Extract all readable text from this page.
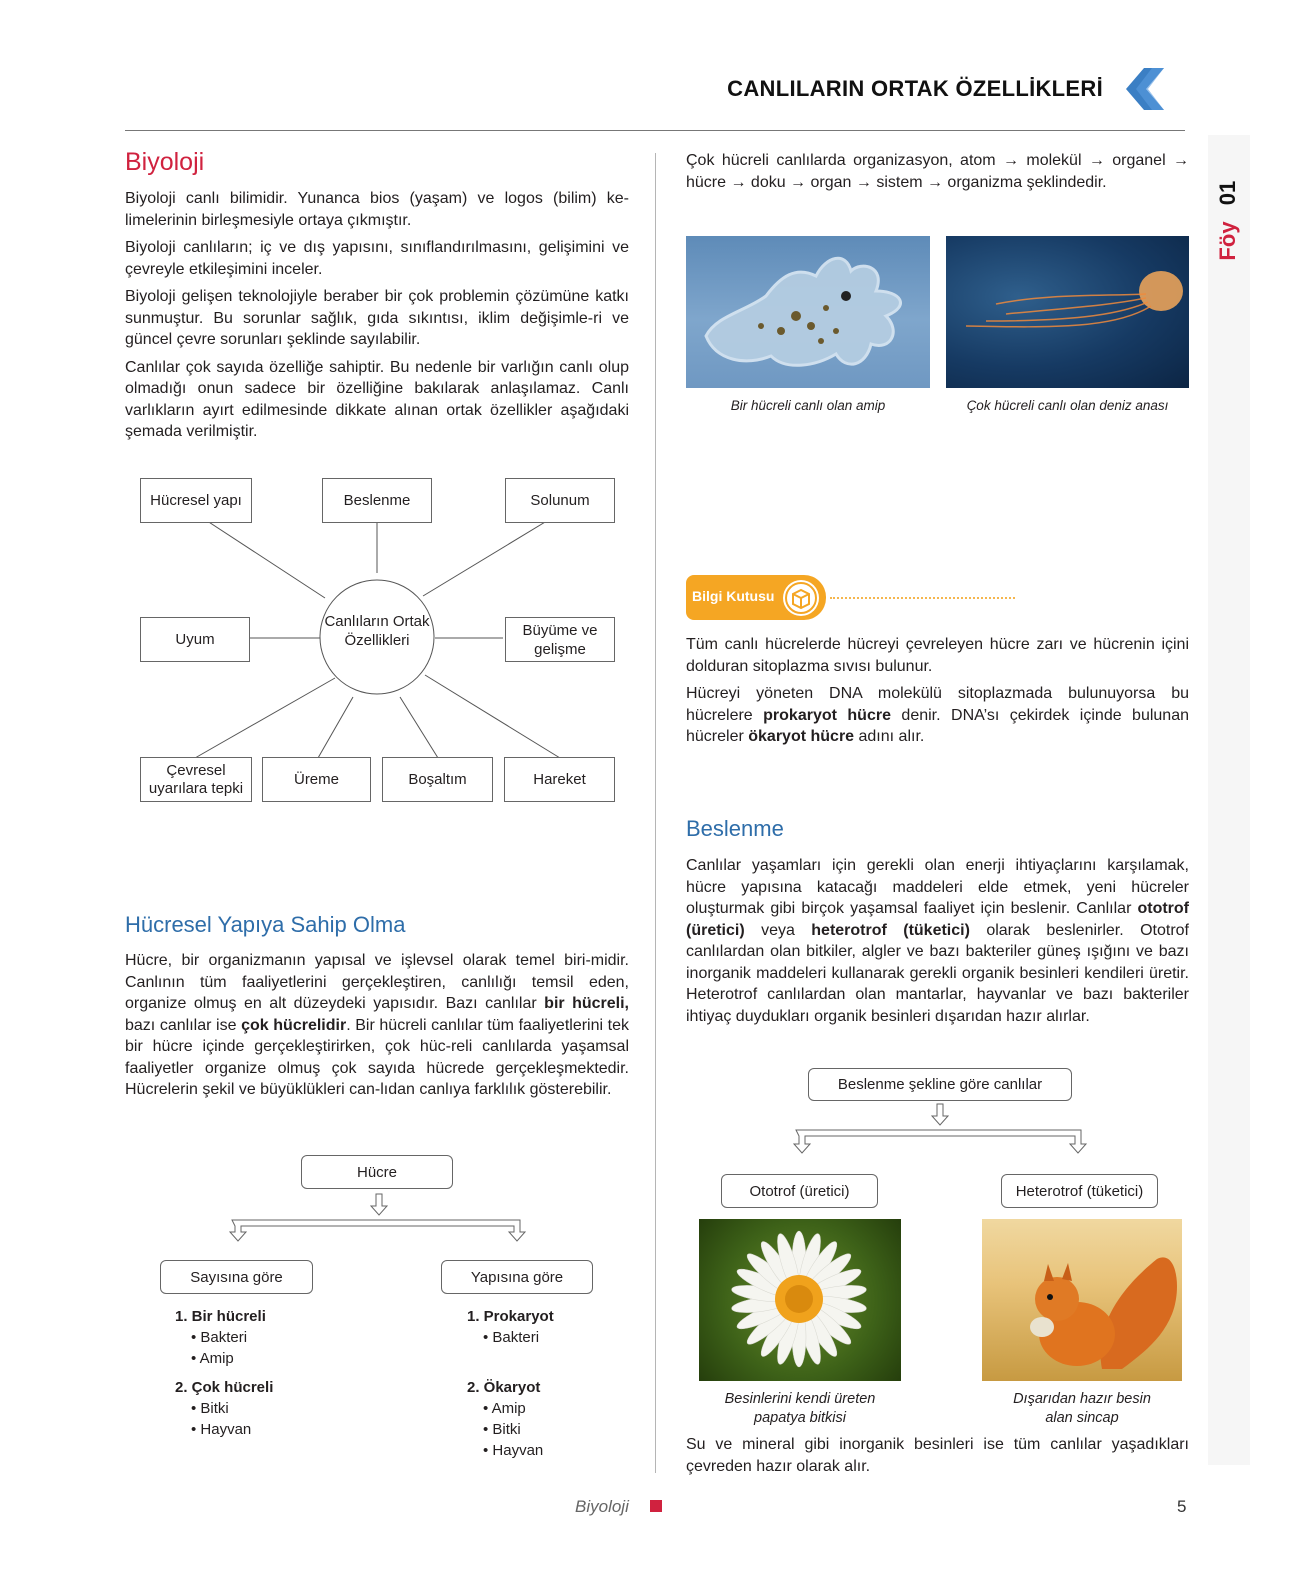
CANLILARIN ORTAK ÖZELLİKLERİ
01
Föy
Biyoloji

Biyoloji canlı bilimidir. Yunanca bios (yaşam) ve logos (bilim) ke-limelerinin birleşmesiyle ortaya çıkmıştır.

Biyoloji canlıların; iç ve dış yapısını, sınıflandırılmasını, gelişimini ve çevreyle etkileşimini inceler.

Biyoloji gelişen teknolojiyle beraber bir çok problemin çözümüne katkı sunmuştur. Bu sorunlar sağlık, gıda sıkıntısı, iklim değişimle-ri ve güncel çevre sorunları şeklinde sayılabilir.

Canlılar çok sayıda özelliğe sahiptir. Bu nedenle bir varlığın canlı olup olmadığı onun sadece bir özelliğine bakılarak anlaşılamaz. Canlı varlıkların ayırt edilmesinde dikkate alınan ortak özellikler aşağıdaki şemada verilmiştir.

Canlıların Ortak Özellikleri
Hücresel yapı	Beslenme	Solunum
Uyum
Büyüme ve gelişme
Çevresel uyarılara tepki	Üreme	Boşaltım	Hareket
Hücresel Yapıya Sahip Olma

Hücre, bir organizmanın yapısal ve işlevsel olarak temel biri-midir. Canlının tüm faaliyetlerini gerçekleştiren, canlılığı temsil eden, organize olmuş en alt düzeydeki yapısıdır. Bazı canlılar bir hücreli, bazı canlılar ise çok hücrelidir. Bir hücreli canlılar tüm faaliyetlerini tek bir hücre içinde gerçekleştirirken, çok hüc-reli canlılarda yaşamsal faaliyetler organize olmuş çok sayıda hücrede gerçekleşmektedir. Hücrelerin şekil ve büyüklükleri can-lıdan canlıya farklılık gösterebilir.

Hücre
Sayısına göre	Yapısına göre
1. Bir hücreli
• Bakteri
• Amip
2. Çok hücreli
• Bitki
• Hayvan
1. Prokaryot
• Bakteri
2. Ökaryot
• Amip
• Bitki
• Hayvan

Çok hücreli canlılarda organizasyon, atom → molekül → organel → hücre → doku → organ → sistem → organizma şeklindedir.

Bir hücreli canlı olan amip	Çok hücreli canlı olan deniz anası
Bilgi Kutusu

Tüm canlı hücrelerde hücreyi çevreleyen hücre zarı ve hücrenin içini dolduran sitoplazma sıvısı bulunur.

Hücreyi yöneten DNA molekülü sitoplazmada bulunuyorsa bu hücrelere prokaryot hücre denir. DNA’sı çekirdek içinde bulunan hücreler ökaryot hücre adını alır.

Beslenme

Canlılar yaşamları için gerekli olan enerji ihtiyaçlarını karşılamak, hücre yapısına katacağı maddeleri elde etmek, yeni hücreler oluşturmak gibi birçok yaşamsal faaliyet için beslenir. Canlılar ototrof (üretici) veya heterotrof (tüketici) olarak beslenirler. Ototrof canlılardan olan bitkiler, algler ve bazı bakteriler güneş ışığını ve bazı inorganik maddeleri kullanarak gerekli organik besinleri kendileri üretir. Heterotrof canlılardan olan mantarlar, hayvanlar ve bazı bakteriler ihtiyaç duydukları organik besinleri dışarıdan hazır alırlar.

Beslenme şekline göre canlılar
Ototrof (üretici)	Heterotrof (tüketici)
Besinlerini kendi üreten
papatya bitkisi
Dışarıdan hazır besin
alan sincap

Su ve mineral gibi inorganik besinleri ise tüm canlılar yaşadıkları çevreden hazır olarak alır.

Biyoloji	5
